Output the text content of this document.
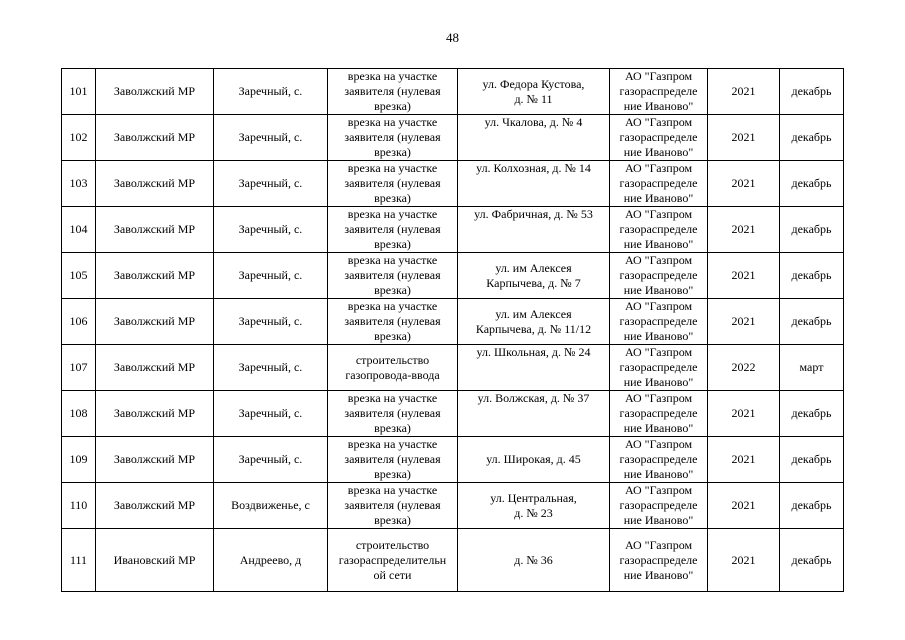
48
101	Заволжский МР	Заречный, с.	врезка на участке
заявителя (нулевая
врезка)	ул. Федора Кустова,
д. № 11	АО "Газпром
газораспределе
ние Иваново"	2021	декабрь
102	Заволжский МР	Заречный, с.	врезка на участке
заявителя (нулевая
врезка)	ул. Чкалова, д. № 4	АО "Газпром
газораспределе
ние Иваново"	2021	декабрь
103	Заволжский МР	Заречный, с.	врезка на участке
заявителя (нулевая
врезка)	ул. Колхозная, д. № 14	АО "Газпром
газораспределе
ние Иваново"	2021	декабрь
104	Заволжский МР	Заречный, с.	врезка на участке
заявителя (нулевая
врезка)	ул. Фабричная, д. № 53	АО "Газпром
газораспределе
ние Иваново"	2021	декабрь
105	Заволжский МР	Заречный, с.	врезка на участке
заявителя (нулевая
врезка)	ул. им Алексея
Карпычева, д. № 7	АО "Газпром
газораспределе
ние Иваново"	2021	декабрь
106	Заволжский МР	Заречный, с.	врезка на участке
заявителя (нулевая
врезка)	ул. им Алексея
Карпычева, д. № 11/12	АО "Газпром
газораспределе
ние Иваново"	2021	декабрь
107	Заволжский МР	Заречный, с.	строительство
газопровода-ввода	ул. Школьная, д. № 24	АО "Газпром
газораспределе
ние Иваново"	2022	март
108	Заволжский МР	Заречный, с.	врезка на участке
заявителя (нулевая
врезка)	ул. Волжская, д. № 37	АО "Газпром
газораспределе
ние Иваново"	2021	декабрь
109	Заволжский МР	Заречный, с.	врезка на участке
заявителя (нулевая
врезка)	ул. Широкая, д. 45	АО "Газпром
газораспределе
ние Иваново"	2021	декабрь
110	Заволжский МР	Воздвиженье, с	врезка на участке
заявителя (нулевая
врезка)	ул. Центральная,
д. № 23	АО "Газпром
газораспределе
ние Иваново"	2021	декабрь
111	Ивановский МР	Андреево, д	строительство
газораспределительн
ой сети	д. № 36	АО "Газпром
газораспределе
ние Иваново"	2021	декабрь
